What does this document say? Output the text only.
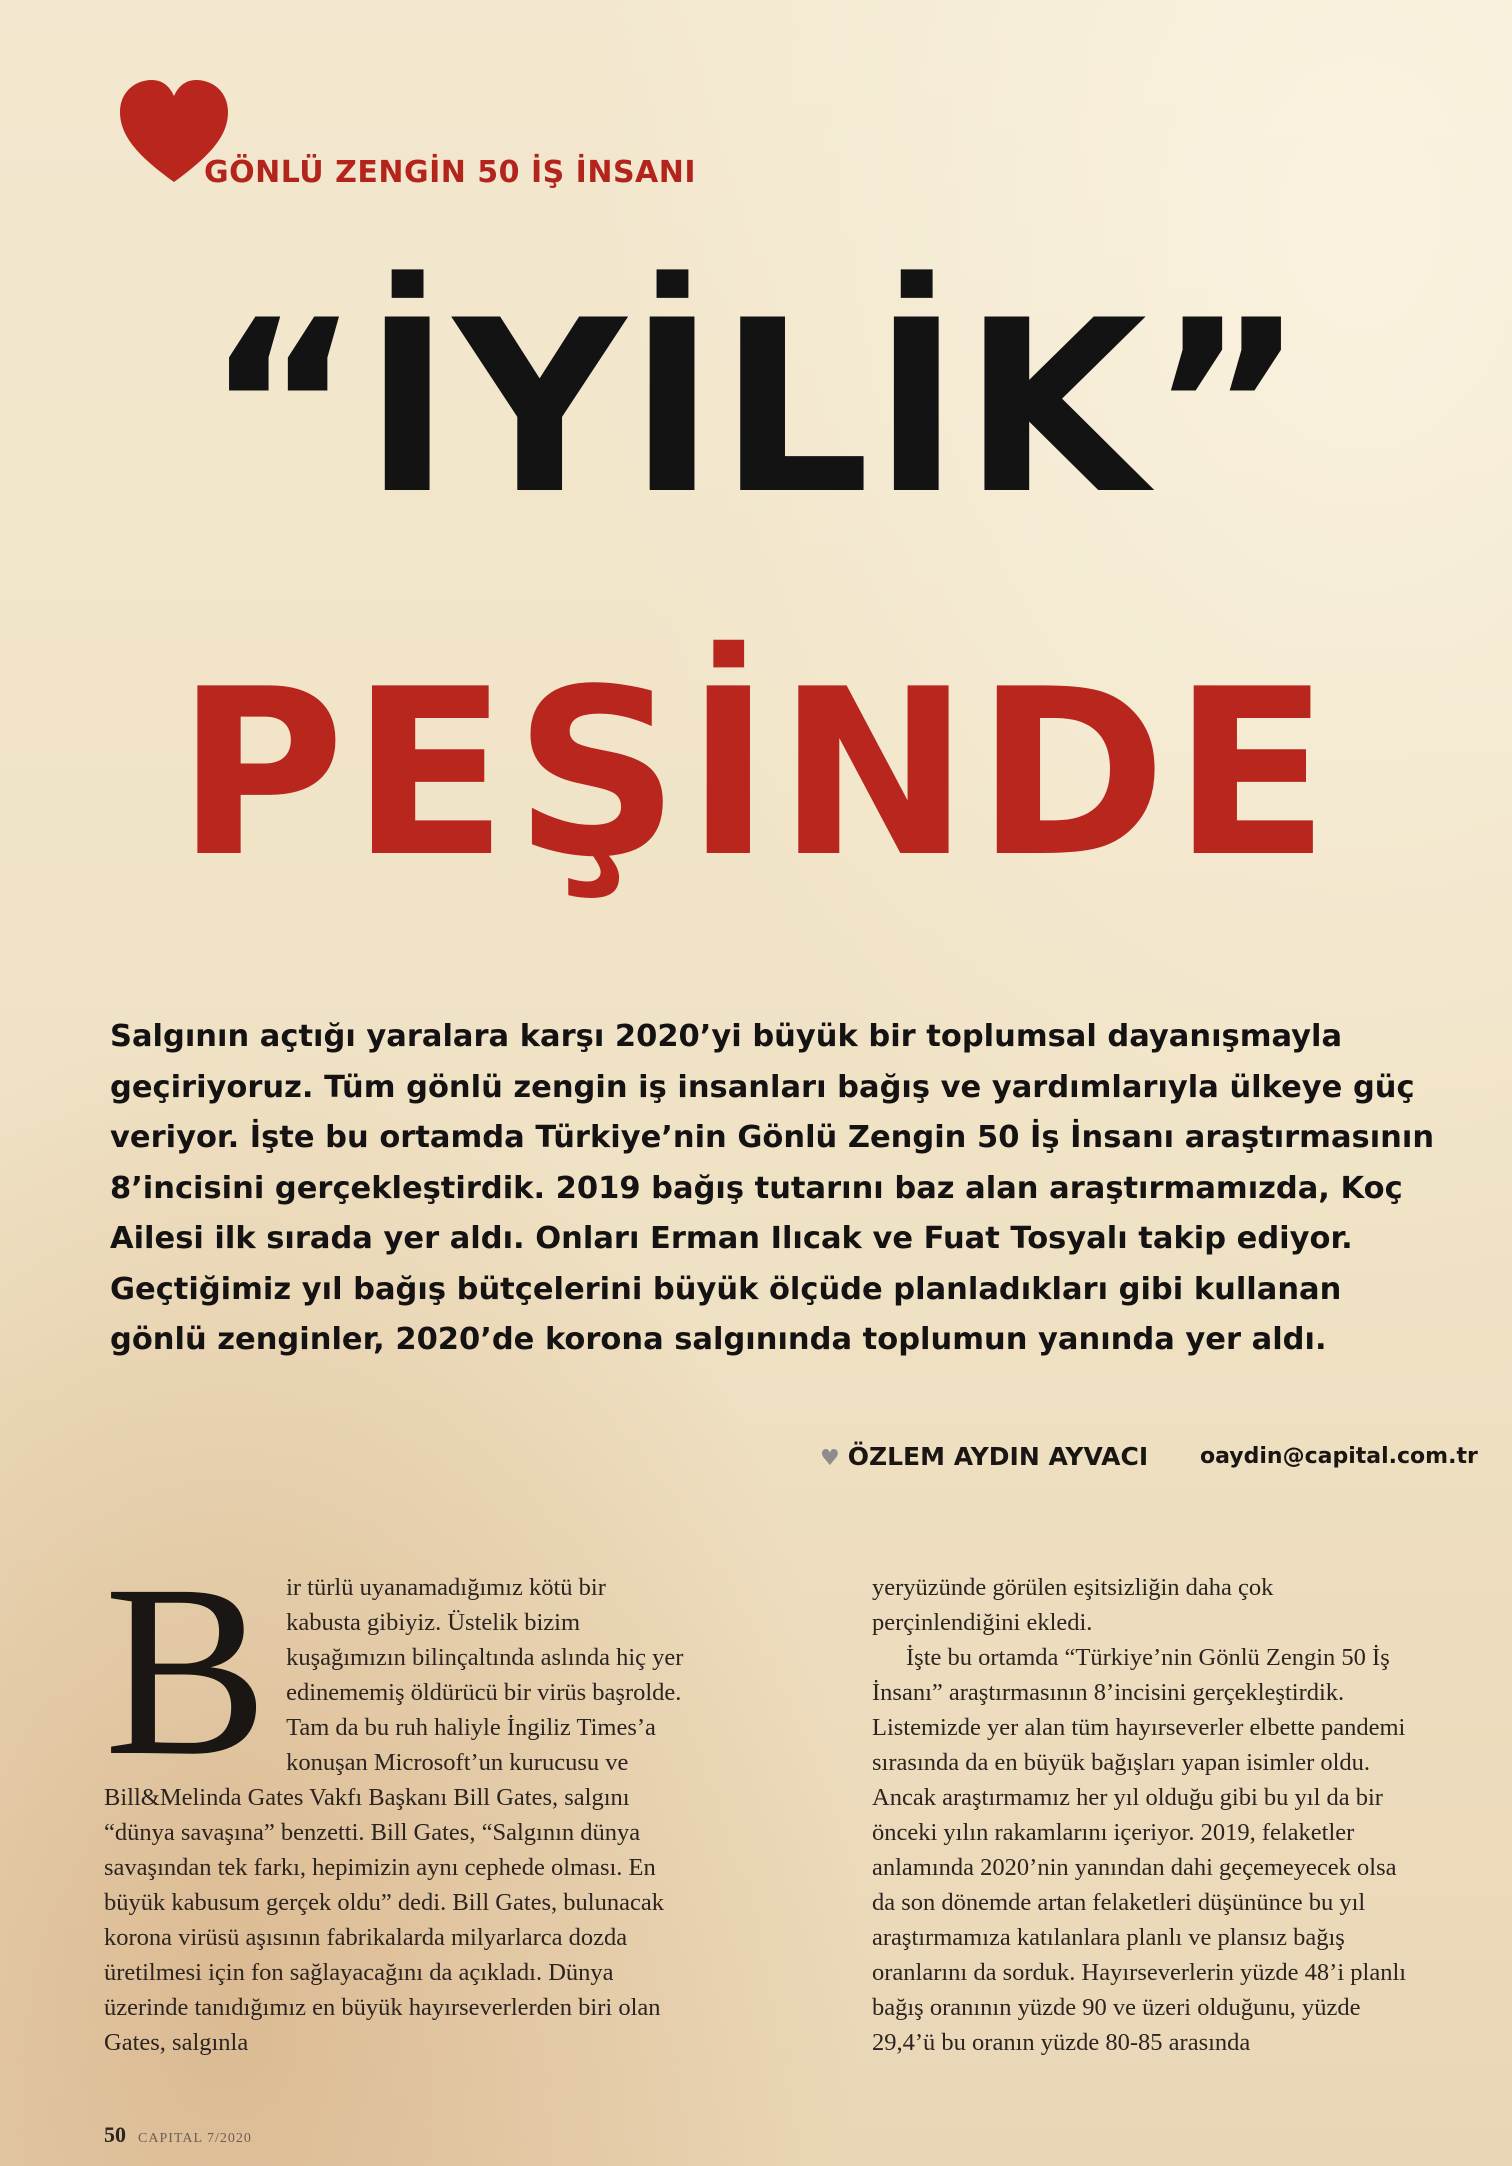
GÖNLÜ ZENGİN 50 İŞ İNSANI
“İYİLİK”
PEŞİNDE

Salgının açtığı yaralara karşı 2020’yi büyük bir toplumsal dayanışmayla geçiriyoruz. Tüm gönlü zengin iş insanları bağış ve yardımlarıyla ülkeye güç veriyor. İşte bu ortamda Türkiye’nin Gönlü Zengin 50 İş İnsanı araştırmasının 8’incisini gerçekleştirdik. 2019 bağış tutarını baz alan araştırmamızda, Koç Ailesi ilk sırada yer aldı. Onları Erman Ilıcak ve Fuat Tosyalı takip ediyor. Geçtiğimiz yıl bağış bütçelerini büyük ölçüde planladıkları gibi kullanan gönlü zenginler, 2020’de korona salgınında toplumun yanında yer aldı.

♥ ÖZLEM AYDIN AYVACI oaydin@capital.com.tr
B ir türlü uyanamadığımız kötü bir kabusta gibiyiz. Üstelik bizim kuşağımızın bilinçaltında aslında hiç yer edinememiş öldürücü bir virüs başrolde. Tam da bu ruh haliyle İngiliz Times’a konuşan Microsoft’un kurucusu ve Bill&Melinda Gates Vakfı Başkanı Bill Gates, salgını “dünya savaşına” benzetti. Bill Gates, “Salgının dünya savaşından tek farkı, hepimizin aynı cephede olması. En büyük kabusum gerçek oldu” dedi. Bill Gates, bulunacak korona virüsü aşısının fabrikalarda milyarlarca dozda üretilmesi için fon sağlayacağını da açıkladı. Dünya üzerinde tanıdığımız en büyük hayırseverlerden biri olan Gates, salgınla

yeryüzünde görülen eşitsizliğin daha çok perçinlendiğini ekledi.

İşte bu ortamda “Türkiye’nin Gönlü Zengin 50 İş İnsanı” araştırmasının 8’incisini gerçekleştirdik. Listemizde yer alan tüm hayırseverler elbette pandemi sırasında da en büyük bağışları yapan isimler oldu. Ancak araştırmamız her yıl olduğu gibi bu yıl da bir önceki yılın rakamlarını içeriyor. 2019, felaketler anlamında 2020’nin yanından dahi geçemeyecek olsa da son dönemde artan felaketleri düşününce bu yıl araştırmamıza katılanlara planlı ve plansız bağış oranlarını da sorduk. Hayırseverlerin yüzde 48’i planlı bağış oranının yüzde 90 ve üzeri olduğunu, yüzde 29,4’ü bu oranın yüzde 80-85 arasında

50 CAPITAL 7/2020
